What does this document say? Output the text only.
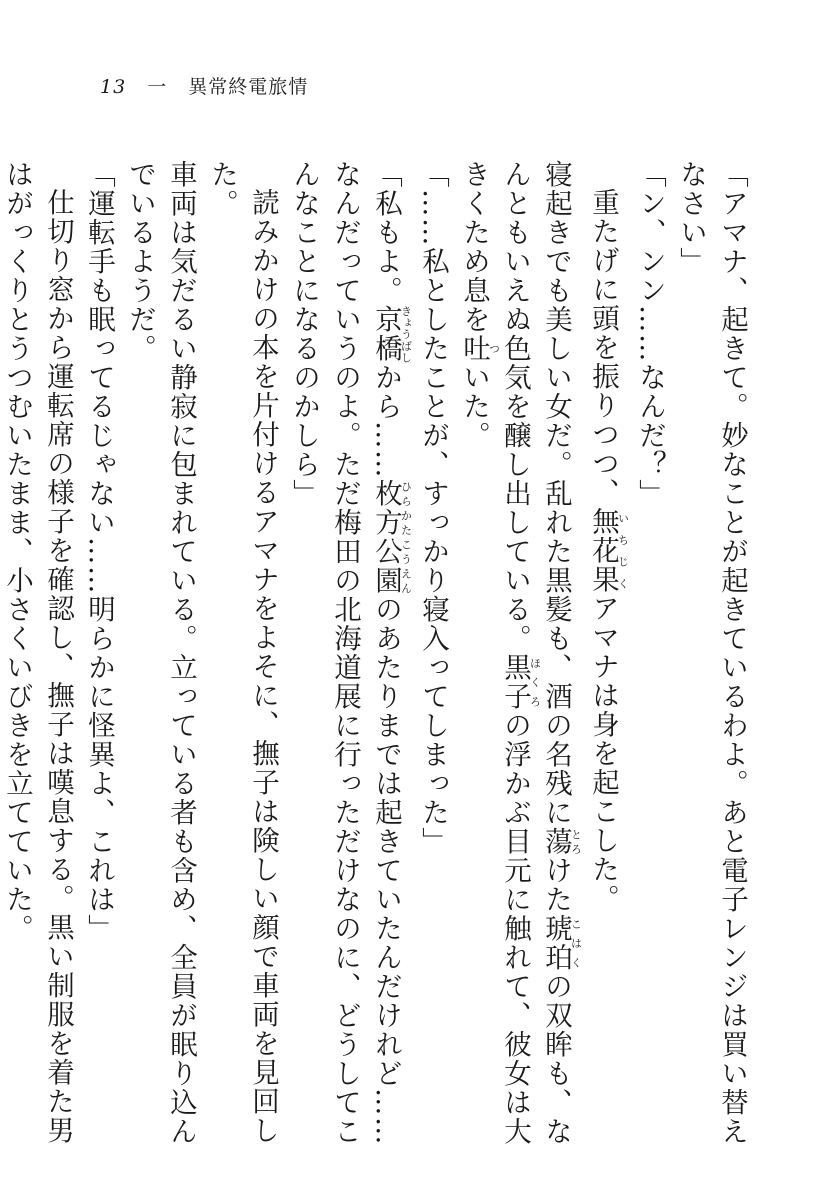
13 一 異常終電旅情

「アマナ、起きて。妙なことが起きているわよ。あと電子レンジは買い替えなさい」

「ン、ンン……なんだ？」

重たげに頭を振りつつ、無花果いちじくアマナは身を起こした。

寝起きでも美しい女だ。乱れた黒髪も、酒の名残に蕩とろけた琥珀こはくの双眸も、なんともいえぬ色気を醸し出している。黒子ほくろの浮かぶ目元に触れて、彼女は大きくため息を吐ついた。

「……私としたことが、すっかり寝入ってしまった」

「私もよ。京橋きょうばしから……枚方公園ひらかたこうえんのあたりまでは起きていたんだけれど……なんだっていうのよ。ただ梅田の北海道展に行っただけなのに、どうしてこんなことになるのかしら」

読みかけの本を片付けるアマナをよそに、撫子は険しい顔で車両を見回した。

車両は気だるい静寂に包まれている。立っている者も含め、全員が眠り込んでいるようだ。

「運転手も眠ってるじゃない……明らかに怪異よ、これは」

仕切り窓から運転席の様子を確認し、撫子は嘆息する。黒い制服を着た男はがっくりとうつむいたまま、小さくいびきを立てていた。
